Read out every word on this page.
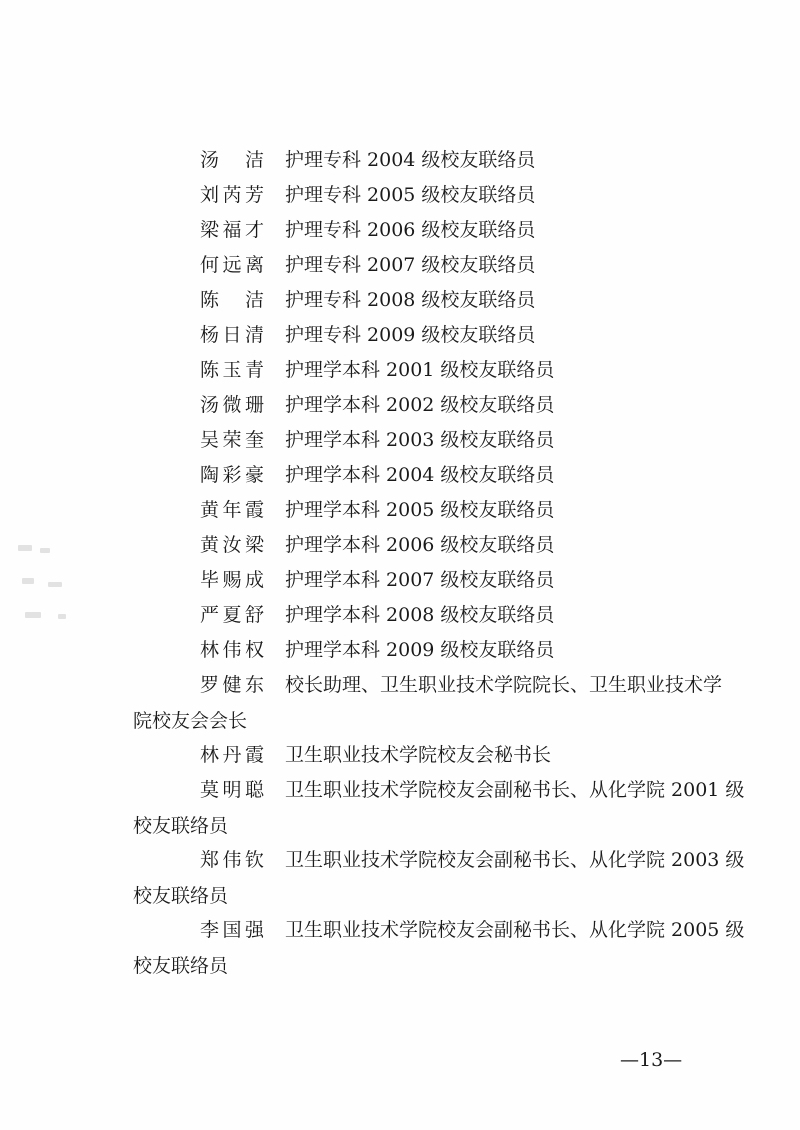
汤　洁 护理专科 2004 级校友联络员
刘芮芳 护理专科 2005 级校友联络员
梁福才 护理专科 2006 级校友联络员
何远离 护理专科 2007 级校友联络员
陈　洁 护理专科 2008 级校友联络员
杨日清 护理专科 2009 级校友联络员
陈玉青 护理学本科 2001 级校友联络员
汤微珊 护理学本科 2002 级校友联络员
吴荣奎 护理学本科 2003 级校友联络员
陶彩豪 护理学本科 2004 级校友联络员
黄年霞 护理学本科 2005 级校友联络员
黄汝梁 护理学本科 2006 级校友联络员
毕赐成 护理学本科 2007 级校友联络员
严夏舒 护理学本科 2008 级校友联络员
林伟权 护理学本科 2009 级校友联络员
罗健东 校长助理、卫生职业技术学院院长、卫生职业技术学
院校友会会长
林丹霞 卫生职业技术学院校友会秘书长
莫明聪 卫生职业技术学院校友会副秘书长、从化学院 2001 级
校友联络员
郑伟钦 卫生职业技术学院校友会副秘书长、从化学院 2003 级
校友联络员
李国强 卫生职业技术学院校友会副秘书长、从化学院 2005 级
校友联络员
—13—
